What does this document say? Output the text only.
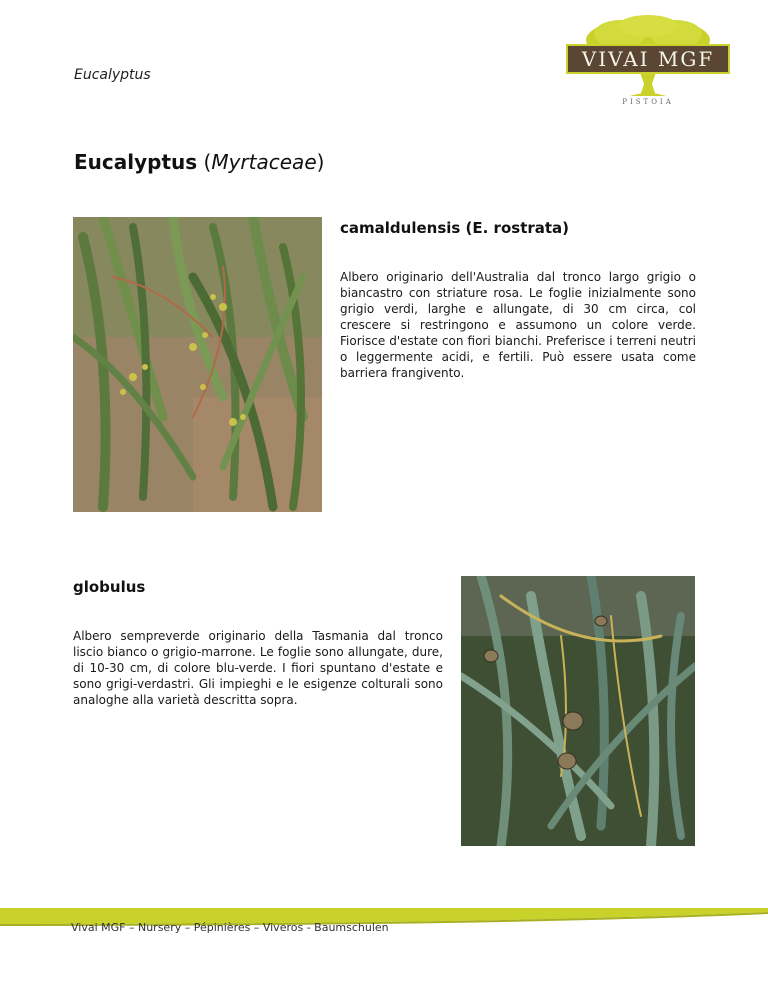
Eucalyptus
VIVAI MGF
PISTOIA
Eucalyptus (Myrtaceae)
camaldulensis (E. rostrata)

Albero originario dell'Australia dal tronco largo grigio o biancastro con striature rosa. Le foglie inizialmente sono grigio verdi, larghe e allungate, di 30 cm circa, col crescere si restringono e assumono un colore verde. Fiorisce d'estate con fiori bianchi. Preferisce i terreni neutri o leggermente acidi, e fertili. Può essere usata come barriera frangivento.

globulus

Albero sempreverde originario della Tasmania dal tronco liscio bianco o grigio-marrone. Le foglie sono allungate, dure, di 10-30 cm, di colore blu-verde. I fiori spuntano d'estate e sono grigi-verdastri. Gli impieghi e le esigenze colturali sono analoghe alla varietà descritta sopra.

Vivai MGF – Nursery – Pépinières – Viveros - Baumschulen
